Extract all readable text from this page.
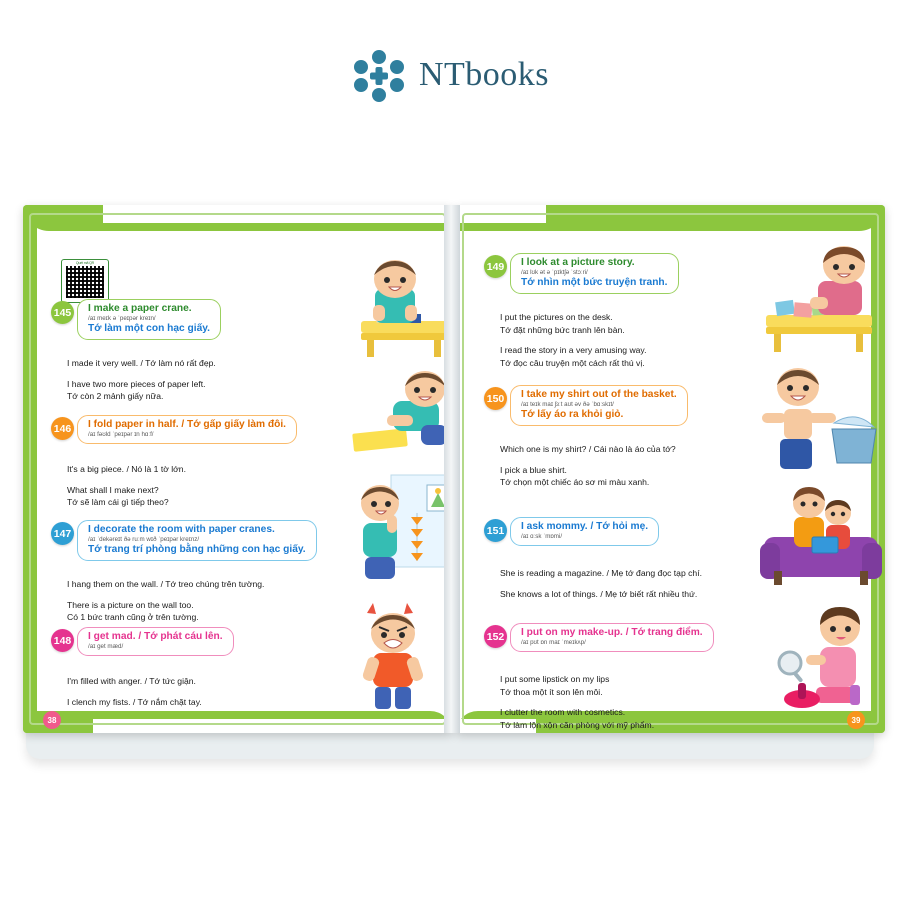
NTbooks
Quét mã QR
145 I make a paper crane.
/aɪ meɪk ə ˈpeɪpər kreɪn/
Tớ làm một con hạc giấy.

I made it very well. / Tớ làm nó rất đẹp.

I have two more pieces of paper left.
Tớ còn 2 mảnh giấy nữa.

146 I fold paper in half. / Tớ gấp giấy làm đôi.
/aɪ fəʊld ˈpeɪpər ɪn hɑːf/

It's a big piece. / Nó là 1 tờ lớn.

What shall I make next?
Tớ sẽ làm cái gì tiếp theo?

147 I decorate the room with paper cranes.
/aɪ ˈdekəreɪt ðə ruːm wɪð ˈpeɪpər kreɪnz/
Tớ trang trí phòng bằng những con hạc giấy.

I hang them on the wall. / Tớ treo chúng trên tường.

There is a picture on the wall too.
Có 1 bức tranh cũng ở trên tường.

148 I get mad. / Tớ phát cáu lên.
/aɪ ɡet mæd/

I'm filled with anger. / Tớ tức giận.

I clench my fists. / Tớ nắm chặt tay.

38
149 I look at a picture story.
/aɪ lʊk ət ə ˈpɪktʃə ˈstɔːri/
Tớ nhìn một bức truyện tranh.

I put the pictures on the desk.
Tớ đặt những bức tranh lên bàn.

I read the story in a very amusing way.
Tớ đọc câu truyện một cách rất thú vị.

150 I take my shirt out of the basket.
/aɪ teɪk maɪ ʃɜːt aʊt əv ðə ˈbɑːskɪt/
Tớ lấy áo ra khỏi giỏ.

Which one is my shirt? / Cái nào là áo của tớ?

I pick a blue shirt.
Tớ chọn một chiếc áo sơ mi màu xanh.

151 I ask mommy. / Tớ hỏi mẹ.
/aɪ ɑːsk ˈmɒmi/

She is reading a magazine. / Mẹ tớ đang đọc tạp chí.

She knows a lot of things. / Mẹ tớ biết rất nhiều thứ.

152 I put on my make-up. / Tớ trang điểm.
/aɪ pʊt ɒn maɪ ˈmeɪkʌp/

I put some lipstick on my lips
Tớ thoa một ít son lên môi.

I clutter the room with cosmetics.
Tớ làm lộn xộn căn phòng với mỹ phẩm.	39
